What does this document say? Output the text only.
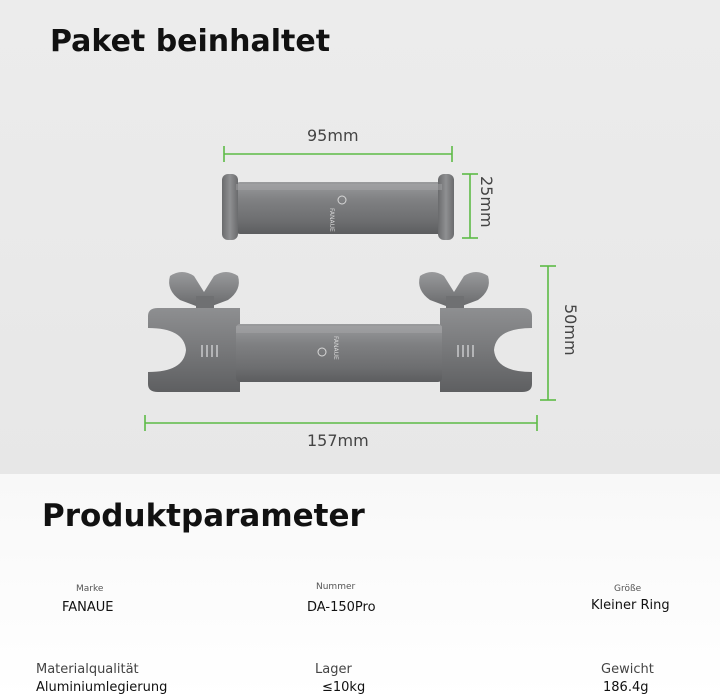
Paket beinhaltet
FANAUE
FANAUE
95mm
25mm
50mm
157mm
Produktparameter
Marke
FANAUE
Nummer
DA-150Pro
Größe
Kleiner Ring
Materialqualität
Aluminiumlegierung
Lager
≤10kg
Gewicht
186.4g
